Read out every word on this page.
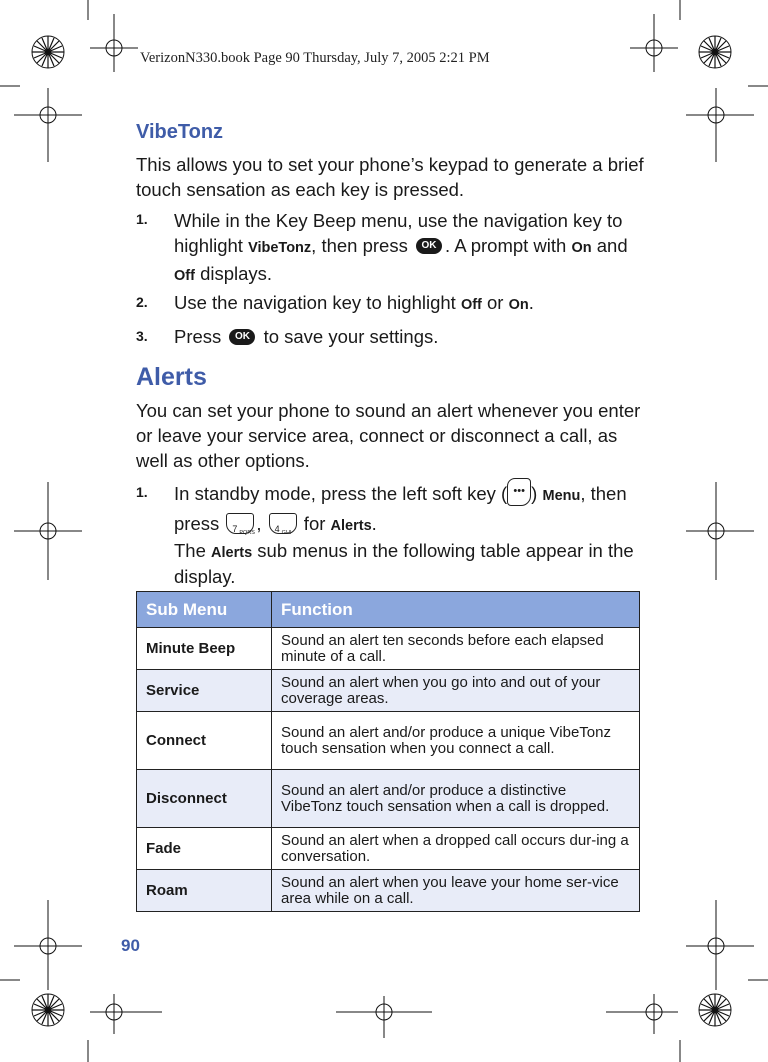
VerizonN330.book Page 90 Thursday, July 7, 2005 2:21 PM
VibeTonz
This allows you to set your phone’s keypad to generate a brief touch sensation as each key is pressed.
1. While in the Key Beep menu, use the navigation key to highlight VibeTonz, then press OK . A prompt with On and Off displays.
2. Use the navigation key to highlight Off or On.
3. Press OK to save your settings.
Alerts
You can set your phone to sound an alert whenever you enter or leave your service area, connect or disconnect a call, as well as other options.
1. In standby mode, press the left soft key ( ••• ) Menu, then press 7 PQRS , 4 GHI for Alerts.
The Alerts sub menus in the following table appear in the display.
Sub Menu	Function
Minute Beep	Sound an alert ten seconds before each elapsed minute of a call.
Service	Sound an alert when you go into and out of your coverage areas.
Connect	Sound an alert and/or produce a unique VibeTonz touch sensation when you connect a call.
Disconnect	Sound an alert and/or produce a distinctive VibeTonz touch sensation when a call is dropped.
Fade	Sound an alert when a dropped call occurs dur-ing a conversation.
Roam	Sound an alert when you leave your home ser-vice area while on a call.
90
